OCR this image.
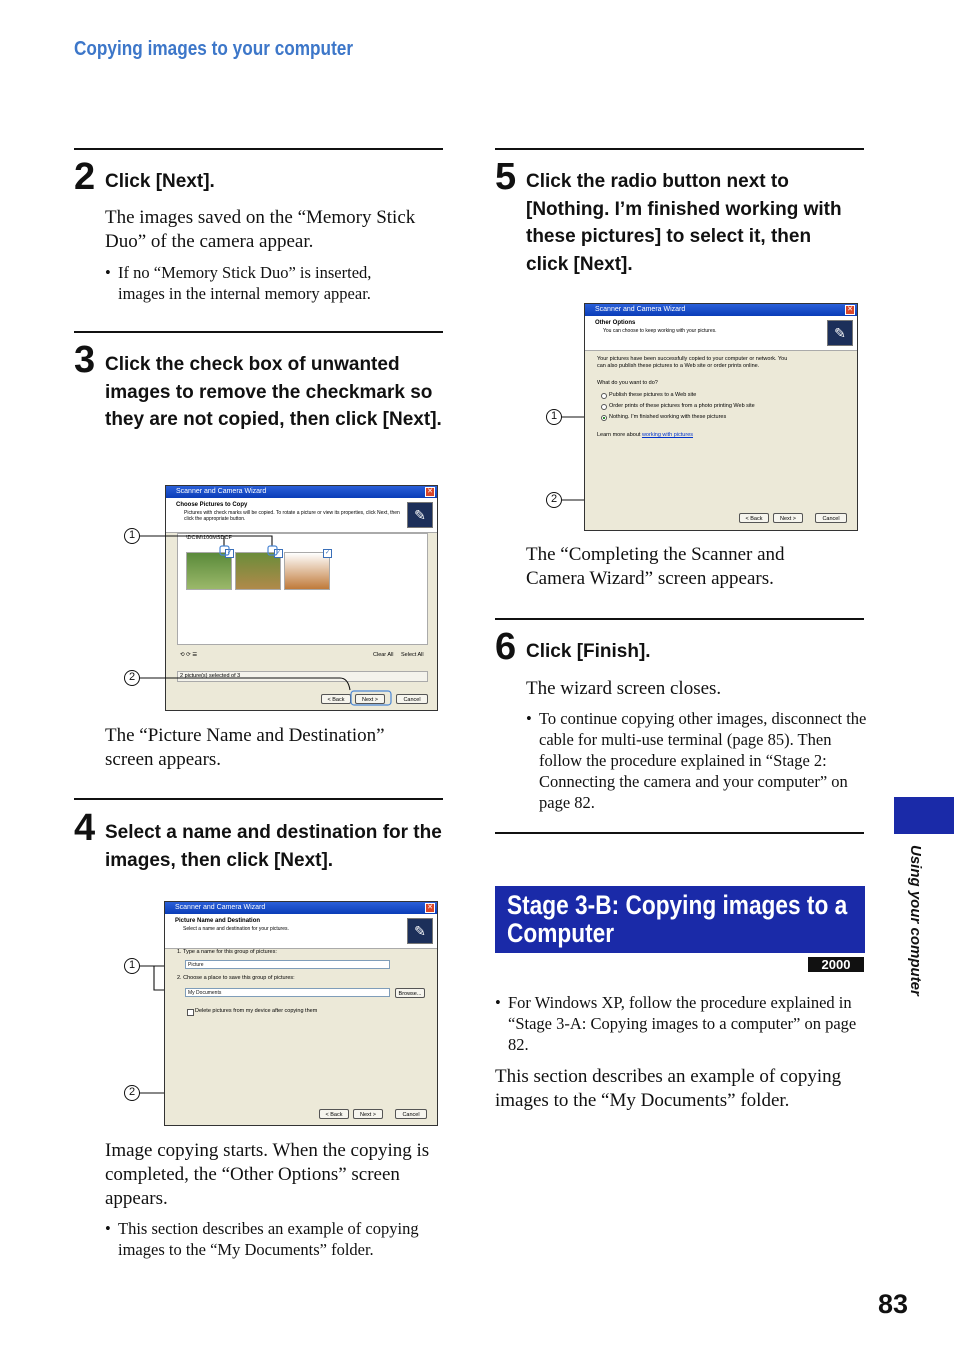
Copying images to your computer
2 Click [Next].
The images saved on the “Memory Stick Duo” of the camera appear.
• If no “Memory Stick Duo” is inserted, images in the internal memory appear.
3 Click the check box of unwanted images to remove the checkmark so they are not copied, then click [Next].
Scanner and Camera Wizard	✕
Choose Pictures to Copy
Pictures with check marks will be copied. To rotate a picture or view its properties, click Next, then click the appropriate button.	✎
\DCIM\100MSDCF
✓	✓	✓
⟲ ⟳ ☰	Clear All Select All
2 picture(s) selected of 3
< Back	Next >	Cancel
1
2
The “Picture Name and Destination” screen appears.
4 Select a name and destination for the images, then click [Next].
Scanner and Camera Wizard	✕
Picture Name and Destination
Select a name and destination for your pictures.	✎
1. Type a name for this group of pictures:
Picture
2. Choose a place to save this group of pictures:
My Documents	Browse...
Delete pictures from my device after copying them
< Back	Next >	Cancel
1
2
Image copying starts. When the copying is completed, the “Other Options” screen appears.
• This section describes an example of copying images to the “My Documents” folder.
5 Click the radio button next to [Nothing. I’m finished working with these pictures] to select it, then click [Next].
Scanner and Camera Wizard	✕
Other Options
You can choose to keep working with your pictures.	✎
Your pictures have been successfully copied to your computer or network. You can also publish these pictures to a Web site or order prints online.
What do you want to do?
Publish these pictures to a Web site
Order prints of these pictures from a photo printing Web site
Nothing. I'm finished working with these pictures
Learn more about working with pictures
< Back	Next >	Cancel
1
2
The “Completing the Scanner and Camera Wizard” screen appears.
6 Click [Finish].
The wizard screen closes.
• To continue copying other images, disconnect the cable for multi-use terminal (page 85). Then follow the procedure explained in “Stage 2: Connecting the camera and your computer” on page 82.
Stage 3-B: Copying images to a Computer
2000
• For Windows XP, follow the procedure explained in “Stage 3-A: Copying images to a computer” on page 82.
This section describes an example of copying images to the “My Documents” folder.
Using your computer
83
